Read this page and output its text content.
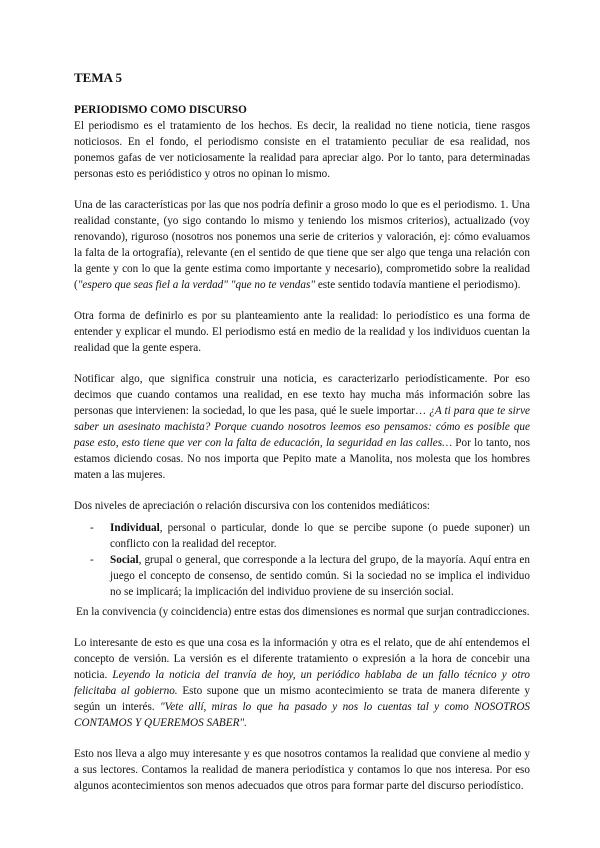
TEMA 5
PERIODISMO COMO DISCURSO

El periodismo es el tratamiento de los hechos. Es decir, la realidad no tiene noticia, tiene rasgos noticiosos. En el fondo, el periodismo consiste en el tratamiento peculiar de esa realidad, nos ponemos gafas de ver noticiosamente la realidad para apreciar algo. Por lo tanto, para determinadas personas esto es periódistico y otros no opinan lo mismo.

Una de las características por las que nos podría definir a groso modo lo que es el periodismo. 1. Una realidad constante, (yo sigo contando lo mismo y teniendo los mismos criterios), actualizado (voy renovando), riguroso (nosotros nos ponemos una serie de criterios y valoración, ej: cómo evaluamos la falta de la ortografía), relevante (en el sentido de que tiene que ser algo que tenga una relación con la gente y con lo que la gente estima como importante y necesario), comprometido sobre la realidad ("espero que seas fiel a la verdad" "que no te vendas" este sentido todavía mantiene el periodismo).

Otra forma de definirlo es por su planteamiento ante la realidad: lo periodístico es una forma de entender y explicar el mundo. El periodismo está en medio de la realidad y los individuos cuentan la realidad que la gente espera.

Notificar algo, que significa construir una noticia, es caracterizarlo periodísticamente. Por eso decimos que cuando contamos una realidad, en ese texto hay mucha más información sobre las personas que intervienen: la sociedad, lo que les pasa, qué le suele importar… ¿A ti para que te sirve saber un asesinato machista? Porque cuando nosotros leemos eso pensamos: cómo es posible que pase esto, esto tiene que ver con la falta de educación, la seguridad en las calles… Por lo tanto, nos estamos diciendo cosas. No nos importa que Pepito mate a Manolita, nos molesta que los hombres maten a las mujeres.

Dos niveles de apreciación o relación discursiva con los contenidos mediáticos:

- Individual, personal o particular, donde lo que se percibe supone (o puede suponer) un conflicto con la realidad del receptor.
- Social, grupal o general, que corresponde a la lectura del grupo, de la mayoría. Aquí entra en juego el concepto de consenso, de sentido común. Si la sociedad no se implica el individuo no se implicará; la implicación del individuo proviene de su inserción social.

En la convivencia (y coincidencia) entre estas dos dimensiones es normal que surjan contradicciones.

Lo interesante de esto es que una cosa es la información y otra es el relato, que de ahí entendemos el concepto de versión. La versión es el diferente tratamiento o expresión a la hora de concebir una noticia. Leyendo la noticia del tranvía de hoy, un periódico hablaba de un fallo técnico y otro felicitaba al gobierno. Esto supone que un mismo acontecimiento se trata de manera diferente y según un interés. "Vete allí, miras lo que ha pasado y nos lo cuentas tal y como NOSOTROS CONTAMOS Y QUEREMOS SABER".

Esto nos lleva a algo muy interesante y es que nosotros contamos la realidad que conviene al medio y a sus lectores. Contamos la realidad de manera periodística y contamos lo que nos interesa. Por eso algunos acontecimientos son menos adecuados que otros para formar parte del discurso periodístico.
